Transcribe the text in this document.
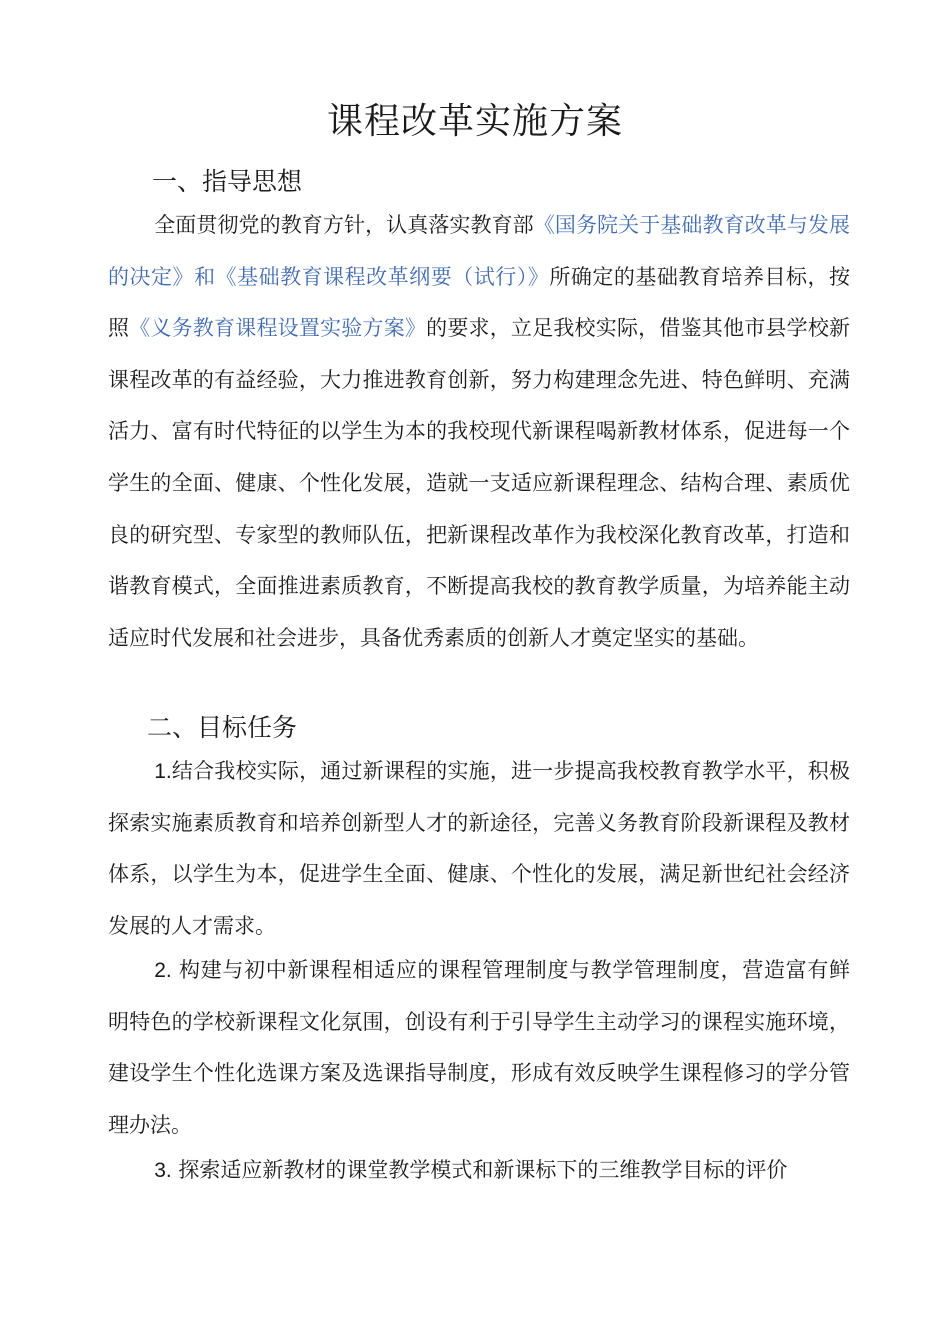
课程改革实施方案
一、指导思想

全面贯彻党的教育方针，认真落实教育部《国务院关于基础教育改革与发展的决定》和《基础教育课程改革纲要（试行）》所确定的基础教育培养目标，按照《义务教育课程设置实验方案》的要求，立足我校实际，借鉴其他市县学校新课程改革的有益经验，大力推进教育创新，努力构建理念先进、特色鲜明、充满活力、富有时代特征的以学生为本的我校现代新课程喝新教材体系，促进每一个学生的全面、健康、个性化发展，造就一支适应新课程理念、结构合理、素质优良的研究型、专家型的教师队伍，把新课程改革作为我校深化教育改革，打造和谐教育模式，全面推进素质教育，不断提高我校的教育教学质量，为培养能主动适应时代发展和社会进步，具备优秀素质的创新人才奠定坚实的基础。

二、目标任务

1.结合我校实际，通过新课程的实施，进一步提高我校教育教学水平，积极探索实施素质教育和培养创新型人才的新途径，完善义务教育阶段新课程及教材体系，以学生为本，促进学生全面、健康、个性化的发展，满足新世纪社会经济发展的人才需求。

2. 构建与初中新课程相适应的课程管理制度与教学管理制度，营造富有鲜明特色的学校新课程文化氛围，创设有利于引导学生主动学习的课程实施环境，建设学生个性化选课方案及选课指导制度，形成有效反映学生课程修习的学分管理办法。

3. 探索适应新教材的课堂教学模式和新课标下的三维教学目标的评价
